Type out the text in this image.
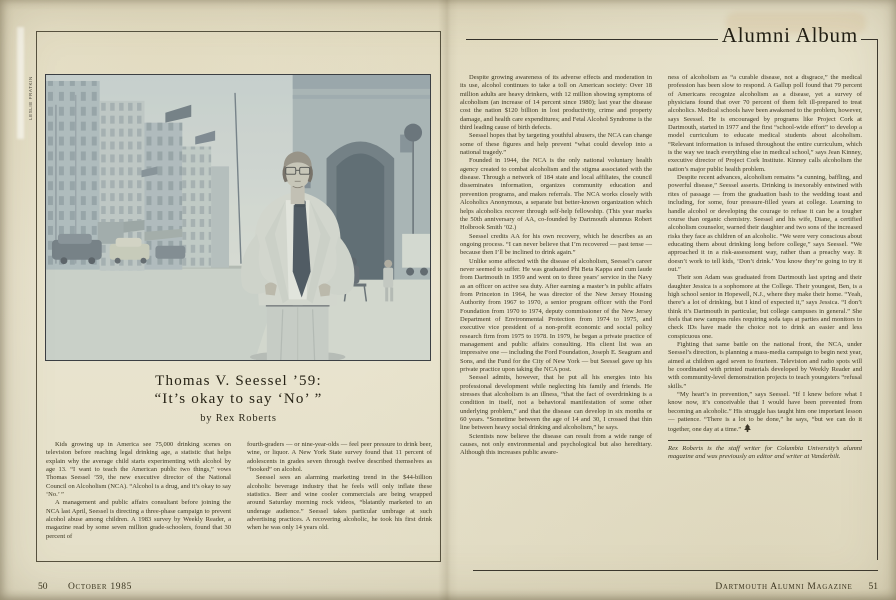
LESLIE FRATKIN
Thomas V. Seessel ’59:
“It’s okay to say ‘No’ ”
by Rex Roberts

Kids growing up in America see 75,000 drinking scenes on television before reaching legal drinking age, a statistic that helps explain why the average child starts experimenting with alcohol by age 13. “I want to teach the American public two things,” vows Thomas Seessel ’59, the new executive director of the National Council on Alcoholism (NCA). “Alcohol is a drug, and it’s okay to say ‘No.’ ”

A management and public affairs consultant before joining the NCA last April, Seessel is directing a three-phase campaign to prevent alcohol abuse among children. A 1983 survey by Weekly Reader, a magazine read by some seven million grade-schoolers, found that 30 percent of

fourth-graders — or nine-year-olds — feel peer pressure to drink beer, wine, or liquor. A New York State survey found that 11 percent of adolescents in grades seven through twelve described themselves as “hooked” on alcohol.

Seessel sees an alarming marketing trend in the $44-billion alcoholic beverage industry that he feels will only inflate these statistics. Beer and wine cooler commercials are being wrapped around Saturday morning rock videos, “blatantly marketed to an underage audience.” Seessel takes particular umbrage at such advertising practices. A recovering alcoholic, he took his first drink when he was only 14 years old.

50 October 1985
Alumni Album

Despite growing awareness of its adverse effects and moderation in its use, alcohol continues to take a toll on American society: Over 18 million adults are heavy drinkers, with 12 million showing symptoms of alcoholism (an increase of 14 percent since 1980); last year the disease cost the nation $120 billion in lost productivity, crime and property damage, and health care expenditures; and Fetal Alcohol Syndrome is the third leading cause of birth defects.

Seessel hopes that by targeting youthful abusers, the NCA can change some of these figures and help prevent “what could develop into a national tragedy.”

Founded in 1944, the NCA is the only national voluntary health agency created to combat alcoholism and the stigma associated with the disease. Through a network of 184 state and local affiliates, the council disseminates information, organizes community education and prevention programs, and makes referrals. The NCA works closely with Alcoholics Anonymous, a separate but better-known organization which helps alcoholics recover through self-help fellowship. (This year marks the 50th anniversary of AA, co-founded by Dartmouth alumnus Robert Holbrook Smith ’02.)

Seessel credits AA for his own recovery, which he describes as an ongoing process. “I can never believe that I’m recovered — past tense — because then I’ll be inclined to drink again.”

Unlike some affected with the disease of alcoholism, Seessel’s career never seemed to suffer. He was graduated Phi Beta Kappa and cum laude from Dartmouth in 1959 and went on to three years’ service in the Navy as an officer on active sea duty. After earning a master’s in public affairs from Princeton in 1964, he was director of the New Jersey Housing Authority from 1967 to 1970, a senior program officer with the Ford Foundation from 1970 to 1974, deputy commissioner of the New Jersey Department of Environmental Protection from 1974 to 1975, and executive vice president of a non-profit economic and social policy research firm from 1975 to 1978. In 1979, he began a private practice of management and public affairs consulting. His client list was an impressive one — including the Ford Foundation, Joseph E. Seagram and Sons, and the Fund for the City of New York — but Seessel gave up his private practice upon taking the NCA post.

Seessel admits, however, that he put all his energies into his professional development while neglecting his family and friends. He stresses that alcoholism is an illness, “that the fact of overdrinking is a condition in itself, not a behavioral manifestation of some other underlying problem,” and that the disease can develop in six months or 60 years. “Sometime between the age of 14 and 30, I crossed that thin line between heavy social drinking and alcoholism,” he says.

Scientists now believe the disease can result from a wide range of causes, not only environmental and psychological but also hereditary. Although this increases public aware-

ness of alcoholism as “a curable disease, not a disgrace,” the medical profession has been slow to respond. A Gallup poll found that 79 percent of Americans recognize alcoholism as a disease, yet a survey of physicians found that over 70 percent of them felt ill-prepared to treat alcoholics. Medical schools have been awakened to the problem, however, says Seessel. He is encouraged by programs like Project Cork at Dartmouth, started in 1977 and the first “school-wide effort” to develop a model curriculum to educate medical students about alcoholism. “Relevant information is infused throughout the entire curriculum, which is the way we teach everything else in medical school,” says Jean Kinney, executive director of Project Cork Institute. Kinney calls alcoholism the nation’s major public health problem.

Despite recent advances, alcoholism remains “a cunning, baffling, and powerful disease,” Seessel asserts. Drinking is inexorably entwined with rites of passage — from the graduation bash to the wedding toast and including, for some, four pressure-filled years at college. Learning to handle alcohol or developing the courage to refuse it can be a tougher course than organic chemistry. Seessel and his wife, Diane, a certified alcoholism counselor, warned their daughter and two sons of the increased risks they face as children of an alcoholic. “We were very conscious about educating them about drinking long before college,” says Seessel. “We approached it in a risk-assessment way, rather than a preachy way. It doesn’t work to tell kids, ‘Don’t drink.’ You know they’re going to try it out.”

Their son Adam was graduated from Dartmouth last spring and their daughter Jessica is a sophomore at the College. Their youngest, Ben, is a high school senior in Hopewell, N.J., where they make their home. “Yeah, there’s a lot of drinking, but I kind of expected it,” says Jessica. “I don’t think it’s Dartmouth in particular, but college campuses in general.” She feels that new campus rules requiring soda taps at parties and monitors to check IDs have made the choice not to drink an easier and less conspicuous one.

Fighting that same battle on the national front, the NCA, under Seessel’s direction, is planning a mass-media campaign to begin next year, aimed at children aged seven to fourteen. Television and radio spots will be coordinated with printed materials developed by Weekly Reader and with community-level demonstration projects to teach youngsters “refusal skills.”

“My heart’s in prevention,” says Seessel. “If I knew before what I know now, it’s conceivable that I would have been prevented from becoming an alcoholic.” His struggle has taught him one important lesson — patience. “There is a lot to be done,” he says, “but we can do it together, one day at a time.”

Rex Roberts is the staff writer for Columbia University’s alumni magazine and was previously an editor and writer at Vanderbilt.

Dartmouth Alumni Magazine 51
